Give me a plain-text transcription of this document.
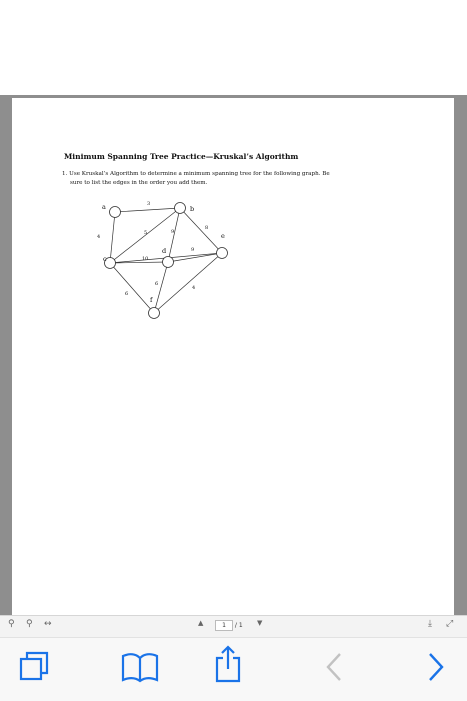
Minimum Spanning Tree Practice—Kruskal’s Algorithm
1. Use Kruskal’s Algorithm to determine a minimum spanning tree for the following graph. Be
sure to list the edges in the order you add them.
3
4
5	9
8
10
9
6
6
4
a	b
c
d
e
f
⚲ ⚲ ↔	▲	1 / 1 ▼	⤓ ⤢
